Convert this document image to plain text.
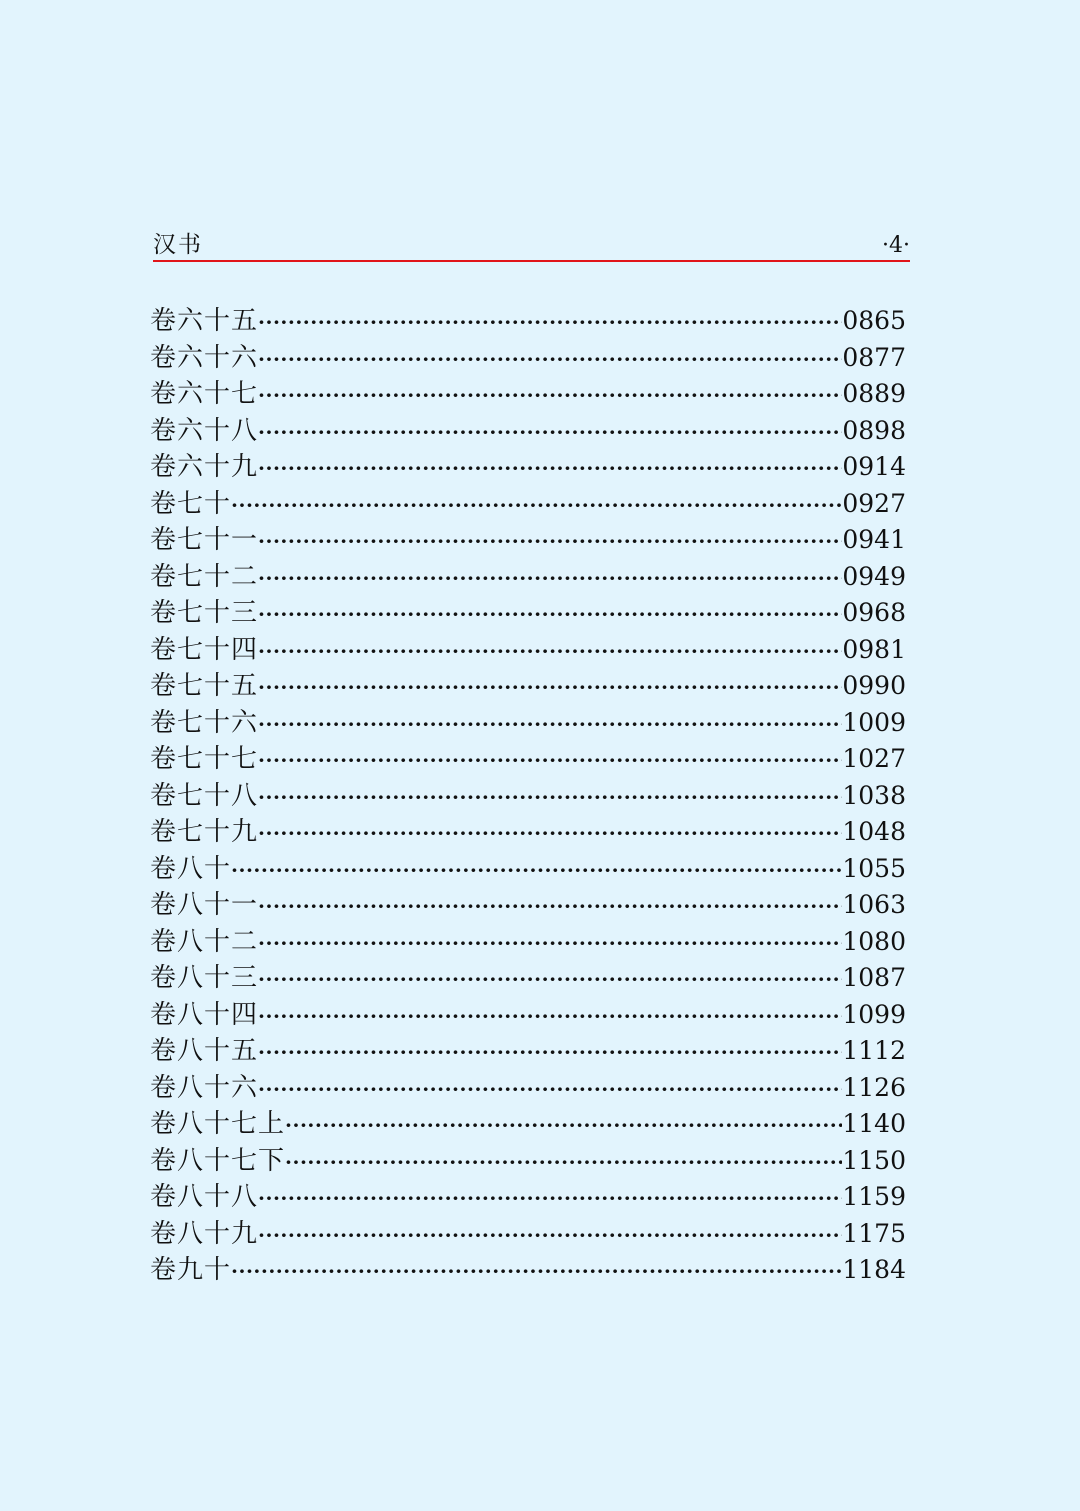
汉书	·4·
卷六十五 ·····	0865
卷六十六 ·····	0877
卷六十七 ·····	0889
卷六十八 ·····	0898
卷六十九 ·····	0914
卷七十 ·····	0927
卷七十一 ·····	0941
卷七十二 ·····	0949
卷七十三 ·····	0968
卷七十四 ·····	0981
卷七十五 ·····	0990
卷七十六 ·····	1009
卷七十七 ·····	1027
卷七十八 ·····	1038
卷七十九 ·····	1048
卷八十 ·····	1055
卷八十一 ·····	1063
卷八十二 ·····	1080
卷八十三 ·····	1087
卷八十四 ·····	1099
卷八十五 ·····	1112
卷八十六 ·····	1126
卷八十七上 ·····	1140
卷八十七下 ·····	1150
卷八十八 ·····	1159
卷八十九 ·····	1175
卷九十 ·····	1184
